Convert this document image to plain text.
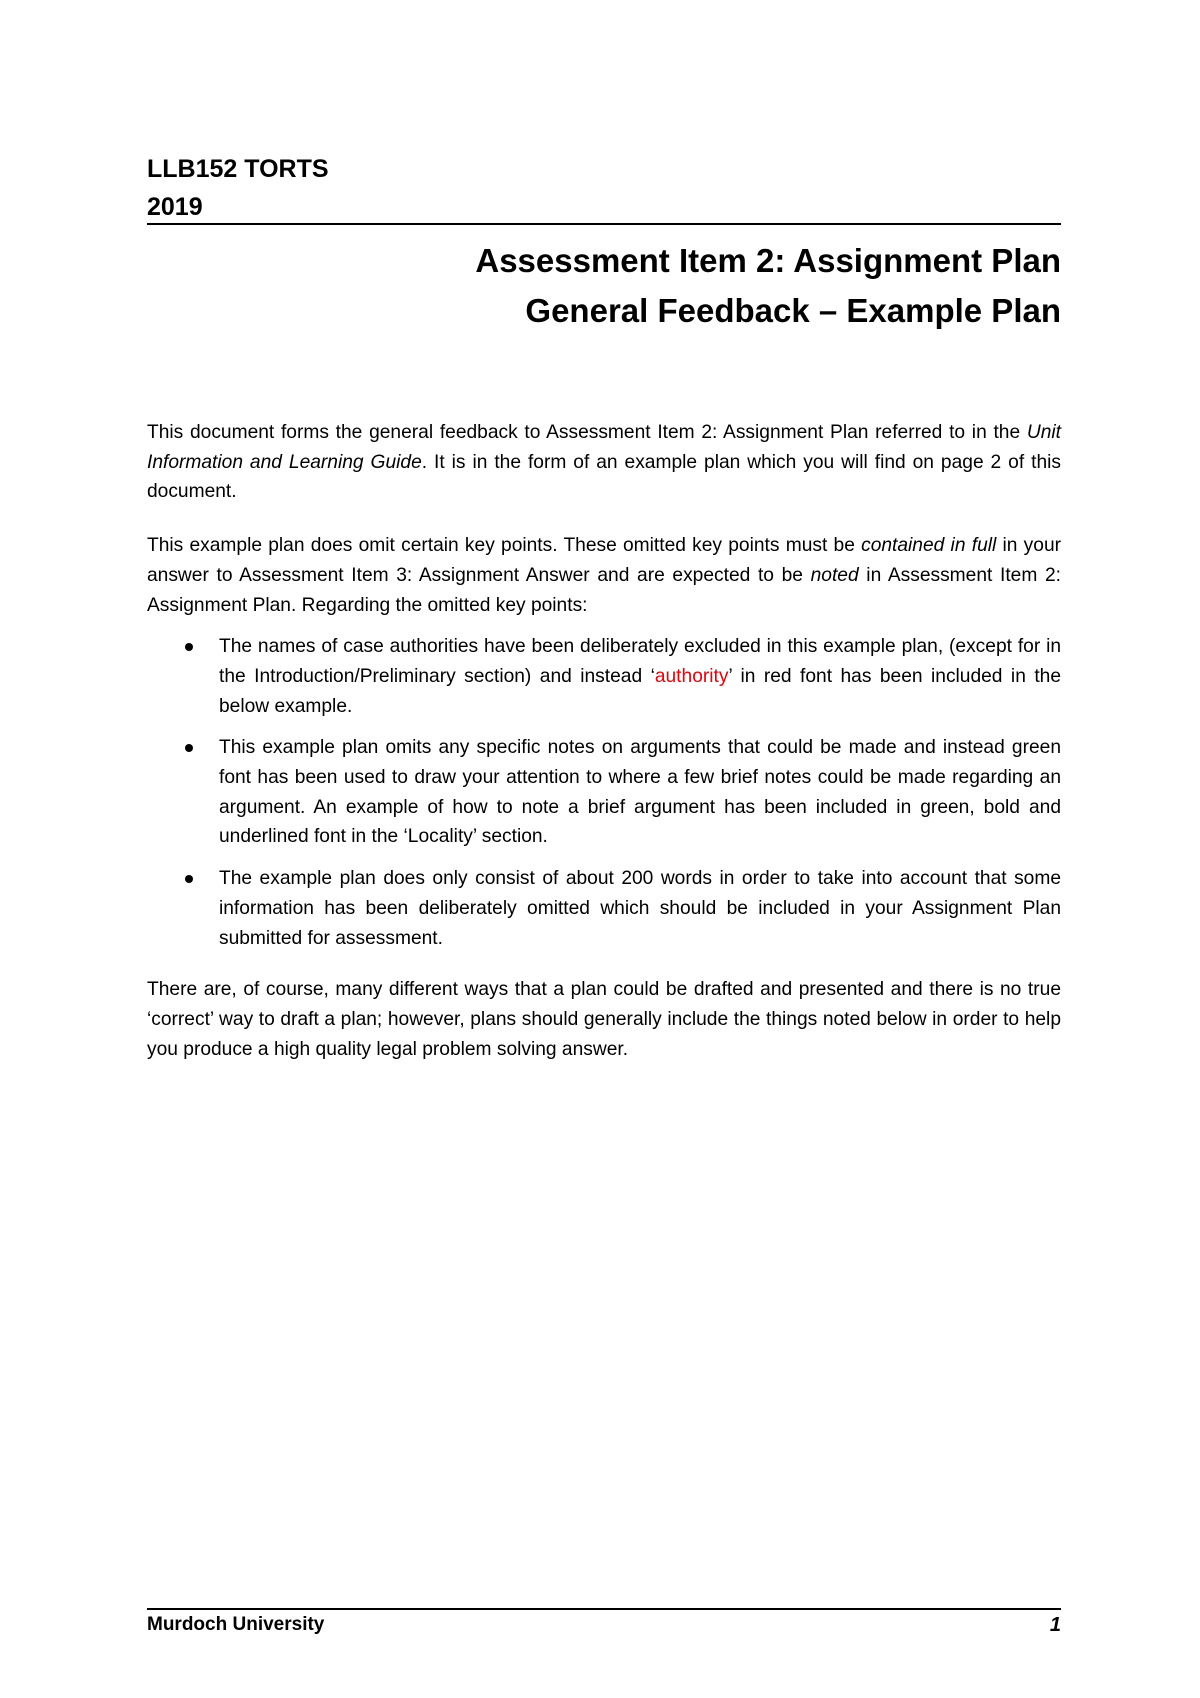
LLB152 TORTS
2019
Assessment Item 2: Assignment Plan
General Feedback – Example Plan

This document forms the general feedback to Assessment Item 2: Assignment Plan referred to in the Unit Information and Learning Guide. It is in the form of an example plan which you will find on page 2 of this document.

This example plan does omit certain key points. These omitted key points must be contained in full in your answer to Assessment Item 3: Assignment Answer and are expected to be noted in Assessment Item 2: Assignment Plan. Regarding the omitted key points:

The names of case authorities have been deliberately excluded in this example plan, (except for in the Introduction/Preliminary section) and instead ‘authority’ in red font has been included in the below example.
This example plan omits any specific notes on arguments that could be made and instead green font has been used to draw your attention to where a few brief notes could be made regarding an argument. An example of how to note a brief argument has been included in green, bold and underlined font in the ‘Locality’ section.
The example plan does only consist of about 200 words in order to take into account that some information has been deliberately omitted which should be included in your Assignment Plan submitted for assessment.

There are, of course, many different ways that a plan could be drafted and presented and there is no true ‘correct’ way to draft a plan; however, plans should generally include the things noted below in order to help you produce a high quality legal problem solving answer.

Murdoch University	1
